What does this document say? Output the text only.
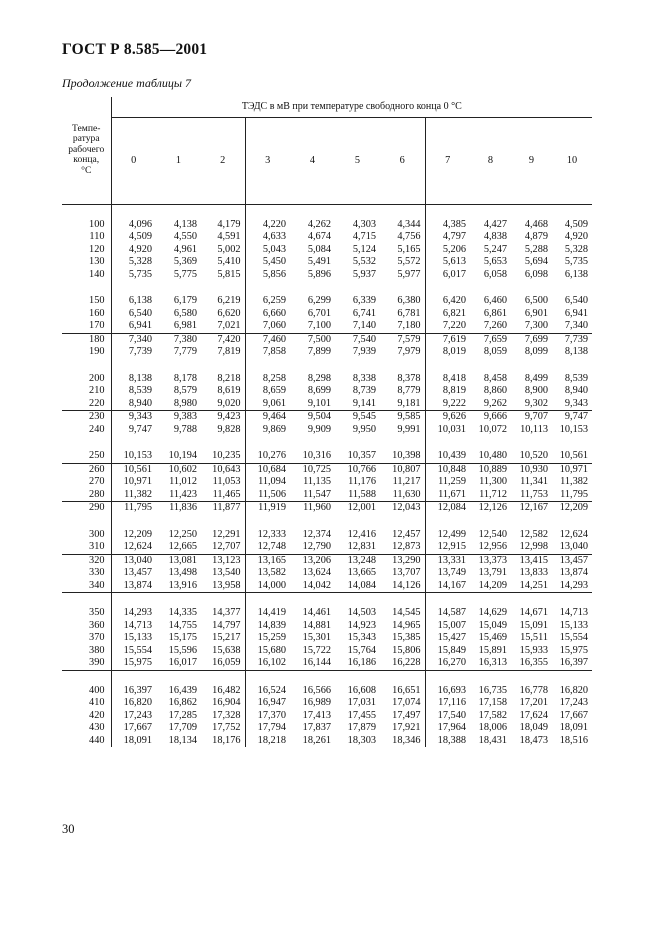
ГОСТ Р 8.585—2001
Продолжение таблицы 7
	ТЭДС в мВ при температуре свободного конца 0 °С										

Темпе-
ратура
рабочего
конца,
°С	0	1	2	3	4	5	6	7	8	9	10
100	4,096	4,138	4,179	4,220	4,262	4,303	4,344	4,385	4,427	4,468	4,509
110	4,509	4,550	4,591	4,633	4,674	4,715	4,756	4,797	4,838	4,879	4,920
120	4,920	4,961	5,002	5,043	5,084	5,124	5,165	5,206	5,247	5,288	5,328
130	5,328	5,369	5,410	5,450	5,491	5,532	5,572	5,613	5,653	5,694	5,735
140	5,735	5,775	5,815	5,856	5,896	5,937	5,977	6,017	6,058	6,098	6,138
150	6,138	6,179	6,219	6,259	6,299	6,339	6,380	6,420	6,460	6,500	6,540
160	6,540	6,580	6,620	6,660	6,701	6,741	6,781	6,821	6,861	6,901	6,941
170	6,941	6,981	7,021	7,060	7,100	7,140	7,180	7,220	7,260	7,300	7,340
180	7,340	7,380	7,420	7,460	7,500	7,540	7,579	7,619	7,659	7,699	7,739
190	7,739	7,779	7,819	7,858	7,899	7,939	7,979	8,019	8,059	8,099	8,138
200	8,138	8,178	8,218	8,258	8,298	8,338	8,378	8,418	8,458	8,499	8,539
210	8,539	8,579	8,619	8,659	8,699	8,739	8,779	8,819	8,860	8,900	8,940
220	8,940	8,980	9,020	9,061	9,101	9,141	9,181	9,222	9,262	9,302	9,343
230	9,343	9,383	9,423	9,464	9,504	9,545	9,585	9,626	9,666	9,707	9,747
240	9,747	9,788	9,828	9,869	9,909	9,950	9,991	10,031	10,072	10,113	10,153
250	10,153	10,194	10,235	10,276	10,316	10,357	10,398	10,439	10,480	10,520	10,561
260	10,561	10,602	10,643	10,684	10,725	10,766	10,807	10,848	10,889	10,930	10,971
270	10,971	11,012	11,053	11,094	11,135	11,176	11,217	11,259	11,300	11,341	11,382
280	11,382	11,423	11,465	11,506	11,547	11,588	11,630	11,671	11,712	11,753	11,795
290	11,795	11,836	11,877	11,919	11,960	12,001	12,043	12,084	12,126	12,167	12,209
300	12,209	12,250	12,291	12,333	12,374	12,416	12,457	12,499	12,540	12,582	12,624
310	12,624	12,665	12,707	12,748	12,790	12,831	12,873	12,915	12,956	12,998	13,040
320	13,040	13,081	13,123	13,165	13,206	13,248	13,290	13,331	13,373	13,415	13,457
330	13,457	13,498	13,540	13,582	13,624	13,665	13,707	13,749	13,791	13,833	13,874
340	13,874	13,916	13,958	14,000	14,042	14,084	14,126	14,167	14,209	14,251	14,293
350	14,293	14,335	14,377	14,419	14,461	14,503	14,545	14,587	14,629	14,671	14,713
360	14,713	14,755	14,797	14,839	14,881	14,923	14,965	15,007	15,049	15,091	15,133
370	15,133	15,175	15,217	15,259	15,301	15,343	15,385	15,427	15,469	15,511	15,554
380	15,554	15,596	15,638	15,680	15,722	15,764	15,806	15,849	15,891	15,933	15,975
390	15,975	16,017	16,059	16,102	16,144	16,186	16,228	16,270	16,313	16,355	16,397
400	16,397	16,439	16,482	16,524	16,566	16,608	16,651	16,693	16,735	16,778	16,820
410	16,820	16,862	16,904	16,947	16,989	17,031	17,074	17,116	17,158	17,201	17,243
420	17,243	17,285	17,328	17,370	17,413	17,455	17,497	17,540	17,582	17,624	17,667
430	17,667	17,709	17,752	17,794	17,837	17,879	17,921	17,964	18,006	18,049	18,091
440	18,091	18,134	18,176	18,218	18,261	18,303	18,346	18,388	18,431	18,473	18,516
30
